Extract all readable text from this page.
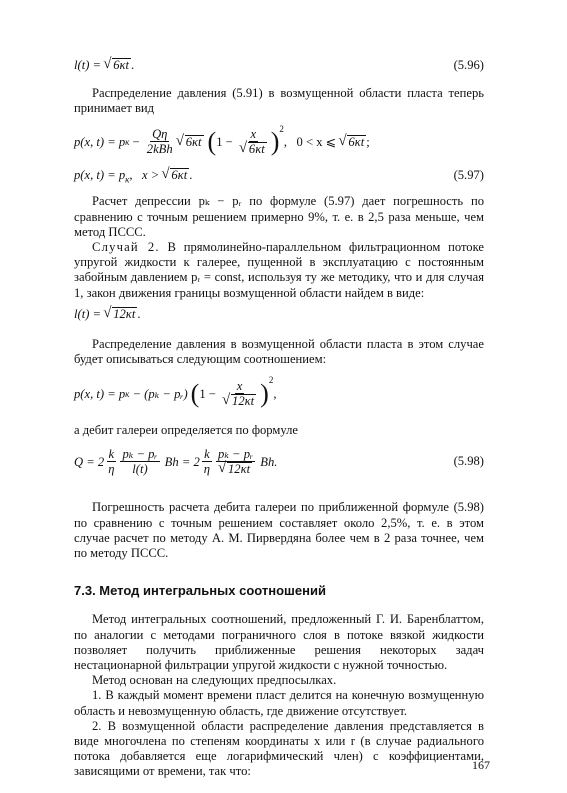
l(t) = √ 6κt .	(5.96)

Распределение давления (5.91) в возмущенной области пласта теперь принимает вид

p(x, t) = p $к - \frac{Q\eta}{\text{2kBh}}$ √ 6κt ( 1 − x
√ 6κt )$^2$
,   0 < x ⩽ √ 6κt ;
p(x, $t) = p_к$,   x > √ 6κt .	(5.97)

Расчет депрессии pₖ − pᵣ по формуле (5.97) дает погрешность по сравнению с точным решением примерно 9%, т. е. в 2,5 раза меньше, чем метод ПССС.

Случай 2. В прямолинейно-параллельном фильтрационном потоке упругой жидкости к галерее, пущенной в эксплуатацию с постоянным забойным давлением pᵣ = const, используя ту же методику, что и для случая 1, закон движения границы возмущенной области найдем в виде:

l(t) = √ 12κt .

Распределение давления в возмущенной области пласта в этом случае будет описываться следующим соотношением:

p(x, t) = p к − (pₖ − pᵣ) ( 1 − x
√ 12κt )$^2$
,

а дебит галереи определяется по формуле

$Q = 2 \frac{k}{\eta} \frac{\text{pₖ − pᵣ}}{l(t)}$ $Bh = 2 \frac{k}{\eta}$ pₖ − pᵣ
√ 12κt Bh.	(5.98)

Погрешность расчета дебита галереи по приближенной формуле (5.98) по сравнению с точным решением составляет около 2,5%, т. е. в этом случае расчет по методу А. М. Пирвердяна более чем в 2 раза точнее, чем по методу ПССС.

7.3. Метод интегральных соотношений

Метод интегральных соотношений, предложенный Г. И. Баренблаттом, по аналогии с методами пограничного слоя в потоке вязкой жидкости позволяет получить приближенные решения некоторых задач нестационарной фильтрации упругой жидкости с нужной точностью.

Метод основан на следующих предпосылках.

1. В каждый момент времени пласт делится на конечную возмущенную область и невозмущенную область, где движение отсутствует.

2. В возмущенной области распределение давления представляется в виде многочлена по степеням координаты x или r (в случае радиального потока добавляется еще логарифмический член) с коэффициентами, зависящими от времени, так что:	167
